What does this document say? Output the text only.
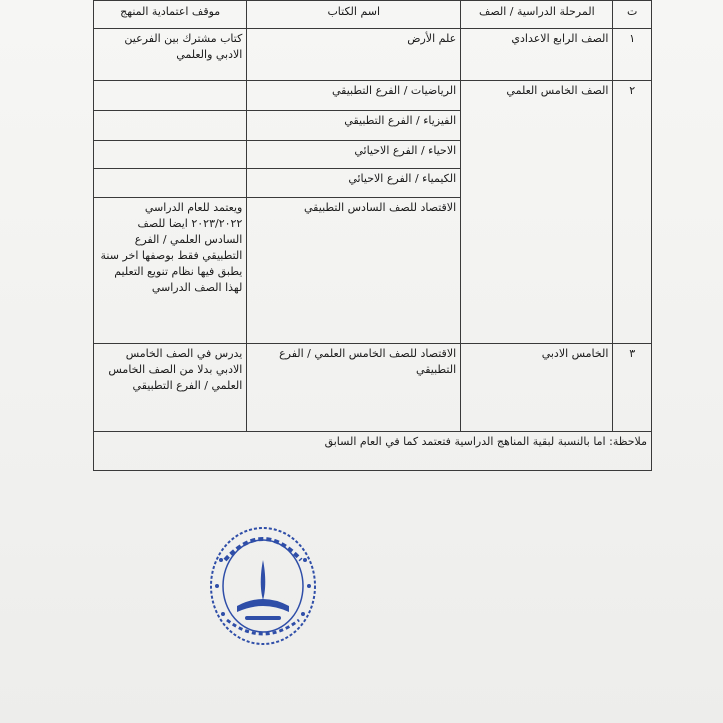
ت	المرحلة الدراسية / الصف	اسم الكتاب	موقف اعتمادية المنهج
١	الصف الرابع الاعدادي	علم الأرض	كتاب مشترك بين الفرعين الادبي والعلمي
٢	الصف الخامس العلمي	الرياضيات / الفرع التطبيقي	
		الفيزياء / الفرع التطبيقي	
		الاحياء / الفرع الاحيائي	
		الكيمياء / الفرع الاحيائي	
		الاقتصاد للصف السادس التطبيقي	ويعتمد للعام الدراسي ٢٠٢٣/٢٠٢٢ ايضا للصف السادس العلمي / الفرع التطبيقي فقط بوصفها اخر سنة يطبق فيها نظام تنويع التعليم لهذا الصف الدراسي
٣	الخامس الادبي	الاقتصاد للصف الخامس العلمي / الفرع التطبيقي	يدرس في الصف الخامس الادبي بدلا من الصف الخامس العلمي / الفرع التطبيقي
ملاحظة: اما بالنسبة لبقية المناهج الدراسية فتعتمد كما في العام السابق			
